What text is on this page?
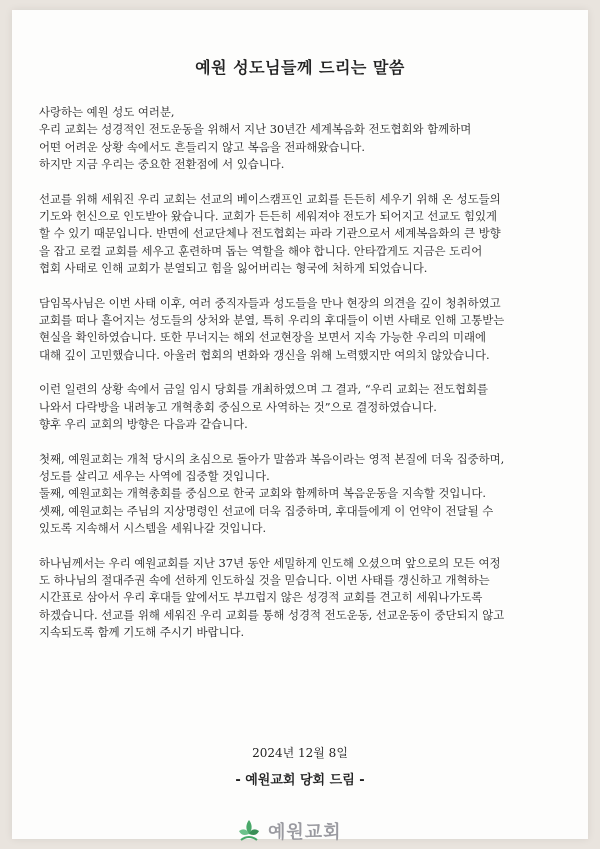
예원 성도님들께 드리는 말씀
사랑하는 예원 성도 여러분,
우리 교회는 성경적인 전도운동을 위해서 지난 30년간 세계복음화 전도협회와 함께하며
어떤 어려운 상황 속에서도 흔들리지 않고 복음을 전파해왔습니다.
하지만 지금 우리는 중요한 전환점에 서 있습니다.
선교를 위해 세워진 우리 교회는 선교의 베이스캠프인 교회를 든든히 세우기 위해 온 성도들의
기도와 헌신으로 인도받아 왔습니다. 교회가 든든히 세워져야 전도가 되어지고 선교도 힘있게
할 수 있기 때문입니다. 반면에 선교단체나 전도협회는 파라 기관으로서 세계복음화의 큰 방향
을 잡고 로컬 교회를 세우고 훈련하며 돕는 역할을 해야 합니다. 안타깝게도 지금은 도리어
협회 사태로 인해 교회가 분열되고 힘을 잃어버리는 형국에 처하게 되었습니다.
담임목사님은 이번 사태 이후, 여러 중직자들과 성도들을 만나 현장의 의견을 깊이 청취하였고
교회를 떠나 흩어지는 성도들의 상처와 분열, 특히 우리의 후대들이 이번 사태로 인해 고통받는
현실을 확인하였습니다. 또한 무너지는 해외 선교현장을 보면서 지속 가능한 우리의 미래에
대해 깊이 고민했습니다. 아울러 협회의 변화와 갱신을 위해 노력했지만 여의치 않았습니다.
이런 일련의 상황 속에서 금일 임시 당회를 개최하였으며 그 결과, “우리 교회는 전도협회를
나와서 다락방을 내려놓고 개혁총회 중심으로 사역하는 것”으로 결정하였습니다.
향후 우리 교회의 방향은 다음과 같습니다.
첫째, 예원교회는 개척 당시의 초심으로 돌아가 말씀과 복음이라는 영적 본질에 더욱 집중하며,
성도를 살리고 세우는 사역에 집중할 것입니다.
둘째, 예원교회는 개혁총회를 중심으로 한국 교회와 함께하며 복음운동을 지속할 것입니다.
셋째, 예원교회는 주님의 지상명령인 선교에 더욱 집중하며, 후대들에게 이 언약이 전달될 수
있도록 지속해서 시스템을 세워나갈 것입니다.
하나님께서는 우리 예원교회를 지난 37년 동안 세밀하게 인도해 오셨으며 앞으로의 모든 여정
도 하나님의 절대주권 속에 선하게 인도하실 것을 믿습니다. 이번 사태를 갱신하고 개혁하는
시간표로 삼아서 우리 후대들 앞에서도 부끄럽지 않은 성경적 교회를 견고히 세워나가도록
하겠습니다. 선교를 위해 세워진 우리 교회를 통해 성경적 전도운동, 선교운동이 중단되지 않고
지속되도록 함께 기도해 주시기 바랍니다.
2024년 12월 8일
- 예원교회 당회 드림 -
예원교회
